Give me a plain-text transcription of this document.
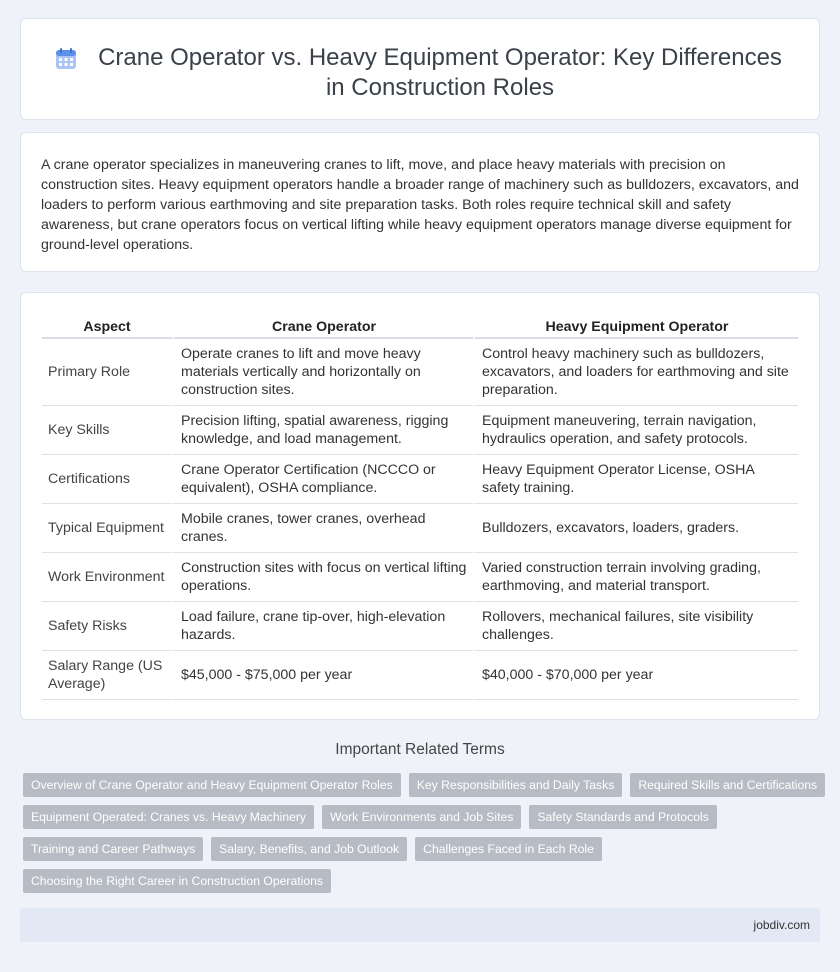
Crane Operator vs. Heavy Equipment Operator: Key Differences in Construction Roles

A crane operator specializes in maneuvering cranes to lift, move, and place heavy materials with precision on construction sites. Heavy equipment operators handle a broader range of machinery such as bulldozers, excavators, and loaders to perform various earthmoving and site preparation tasks. Both roles require technical skill and safety awareness, but crane operators focus on vertical lifting while heavy equipment operators manage diverse equipment for ground-level operations.

Aspect	Crane Operator	Heavy Equipment Operator
Primary Role	Operate cranes to lift and move heavy materials vertically and horizontally on construction sites.	Control heavy machinery such as bulldozers, excavators, and loaders for earthmoving and site preparation.
Key Skills	Precision lifting, spatial awareness, rigging knowledge, and load management.	Equipment maneuvering, terrain navigation, hydraulics operation, and safety protocols.
Certifications	Crane Operator Certification (NCCCO or equivalent), OSHA compliance.	Heavy Equipment Operator License, OSHA safety training.
Typical Equipment	Mobile cranes, tower cranes, overhead cranes.	Bulldozers, excavators, loaders, graders.
Work Environment	Construction sites with focus on vertical lifting operations.	Varied construction terrain involving grading, earthmoving, and material transport.
Safety Risks	Load failure, crane tip-over, high-elevation hazards.	Rollovers, mechanical failures, site visibility challenges.
Salary Range (US Average)	$45,000 - $75,000 per year	$40,000 - $70,000 per year
Important Related Terms
Overview of Crane Operator and Heavy Equipment Operator Roles	Key Responsibilities and Daily Tasks	Required Skills and Certifications
Equipment Operated: Cranes vs. Heavy Machinery	Work Environments and Job Sites	Safety Standards and Protocols
Training and Career Pathways	Salary, Benefits, and Job Outlook	Challenges Faced in Each Role
Choosing the Right Career in Construction Operations
jobdiv.com
